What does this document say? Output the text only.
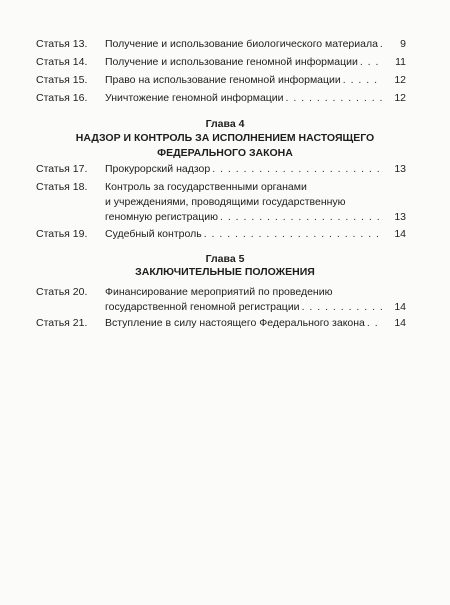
Статья 13. Получение и использование биологического материала . . .	9
Статья 14. Получение и использование геномной информации . . .	11
Статья 15. Право на использование геномной информации . . .	12
Статья 16. Уничтожение геномной информации . . .	12
Глава 4
НАДЗОР И КОНТРОЛЬ ЗА ИСПОЛНЕНИЕМ НАСТОЯЩЕГО
ФЕДЕРАЛЬНОГО ЗАКОНА
Статья 17. Прокурорский надзор . . .	13
Статья 18. Контроль за государственными органами
и учреждениями, проводящими государственную
геномную регистрацию . . .	13
Статья 19. Судебный контроль . . .	14
Глава 5
ЗАКЛЮЧИТЕЛЬНЫЕ ПОЛОЖЕНИЯ
Статья 20. Финансирование мероприятий по проведению
государственной геномной регистрации . . .	14
Статья 21. Вступление в силу настоящего Федерального закона . . .	14
